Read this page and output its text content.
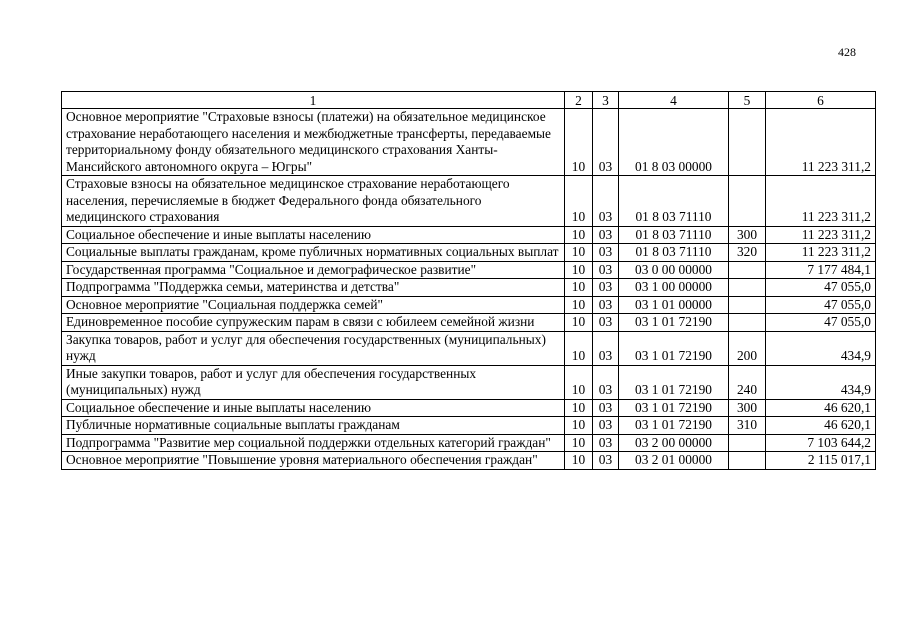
428
1	2	3	4	5	6
Основное мероприятие "Страховые взносы (платежи) на обязательное медицинское страхование неработающего населения и межбюджетные трансферты, передаваемые территориальному фонду обязательного медицинского страхования Ханты-Мансийского автономного округа – Югры"	10	03	01 8 03 00000		11 223 311,2
Страховые взносы на обязательное медицинское страхование неработающего населения, перечисляемые в бюджет Федерального фонда обязательного медицинского страхования	10	03	01 8 03 71110		11 223 311,2
Социальное обеспечение и иные выплаты населению	10	03	01 8 03 71110	300	11 223 311,2
Социальные выплаты гражданам, кроме публичных нормативных социальных выплат	10	03	01 8 03 71110	320	11 223 311,2
Государственная программа "Социальное и демографическое развитие"	10	03	03 0 00 00000		7 177 484,1
Подпрограмма "Поддержка семьи, материнства и детства"	10	03	03 1 00 00000		47 055,0
Основное мероприятие "Социальная поддержка семей"	10	03	03 1 01 00000		47 055,0
Единовременное пособие супружеским парам в связи с юбилеем семейной жизни	10	03	03 1 01 72190		47 055,0
Закупка товаров, работ и услуг для обеспечения государственных (муниципальных) нужд	10	03	03 1 01 72190	200	434,9
Иные закупки товаров, работ и услуг для обеспечения государственных (муниципальных) нужд	10	03	03 1 01 72190	240	434,9
Социальное обеспечение и иные выплаты населению	10	03	03 1 01 72190	300	46 620,1
Публичные нормативные социальные выплаты гражданам	10	03	03 1 01 72190	310	46 620,1
Подпрограмма "Развитие мер социальной поддержки отдельных категорий граждан"	10	03	03 2 00 00000		7 103 644,2
Основное мероприятие "Повышение уровня материального обеспечения граждан"	10	03	03 2 01 00000		2 115 017,1
